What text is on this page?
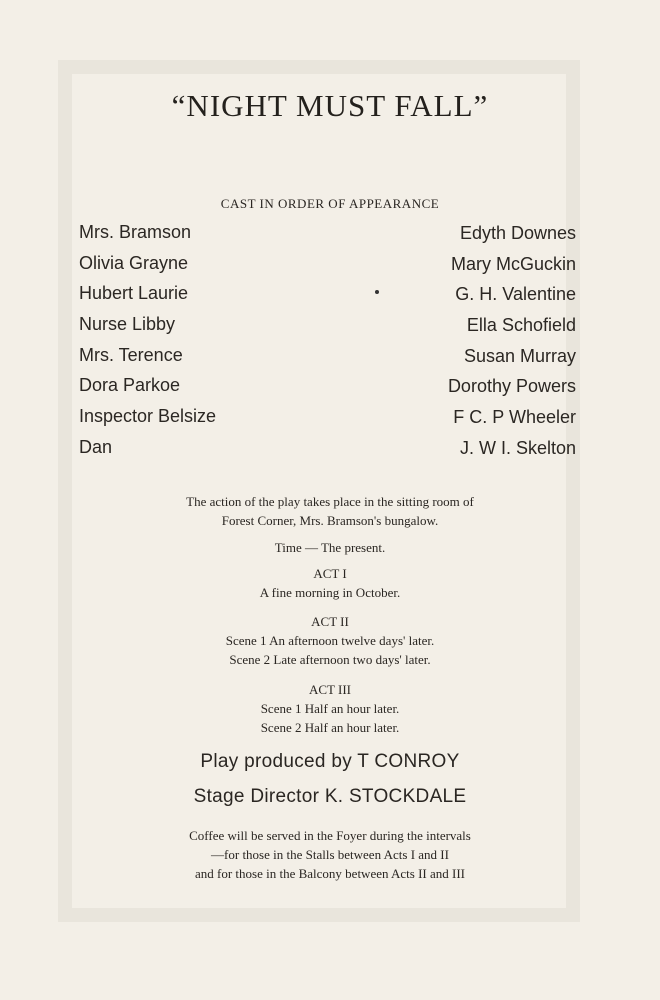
“NIGHT MUST FALL”
CAST IN ORDER OF APPEARANCE
Mrs. Bramson	Edyth Downes
Olivia Grayne	Mary McGuckin
Hubert Laurie	G. H. Valentine
Nurse Libby	Ella Schofield
Mrs. Terence	Susan Murray
Dora Parkoe	Dorothy Powers
Inspector Belsize	F C. P Wheeler
Dan	J. W I. Skelton
The action of the play takes place in the sitting room of
Forest Corner, Mrs. Bramson's bungalow.
Time — The present.
ACT I
A fine morning in October.
ACT II
Scene 1 An afternoon twelve days' later.
Scene 2 Late afternoon two days' later.
ACT III
Scene 1 Half an hour later.
Scene 2 Half an hour later.
Play produced by T CONROY
Stage Director K. STOCKDALE
Coffee will be served in the Foyer during the intervals
—for those in the Stalls between Acts I and II
and for those in the Balcony between Acts II and III
